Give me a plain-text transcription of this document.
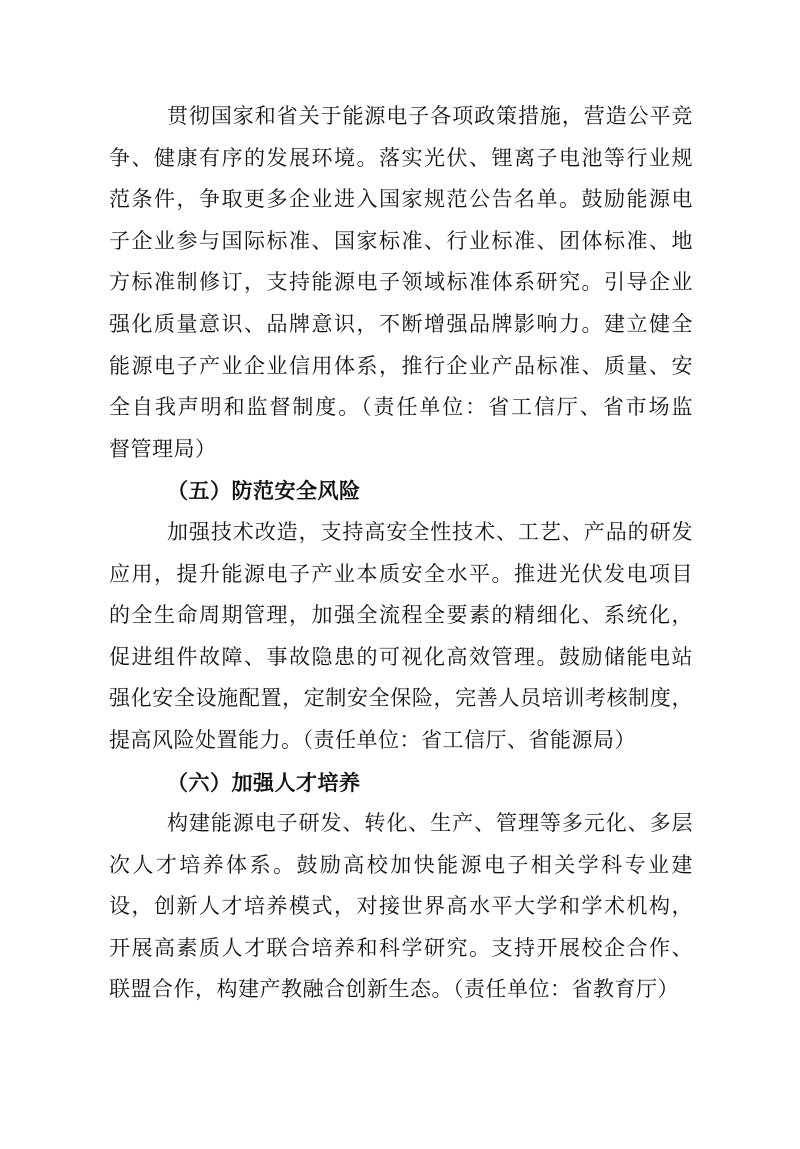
贯彻国家和省关于能源电子各项政策措施，营造公平竞
争、健康有序的发展环境。落实光伏、锂离子电池等行业规
范条件，争取更多企业进入国家规范公告名单。鼓励能源电
子企业参与国际标准、国家标准、行业标准、团体标准、地
方标准制修订，支持能源电子领域标准体系研究。引导企业
强化质量意识、品牌意识，不断增强品牌影响力。建立健全
能源电子产业企业信用体系，推行企业产品标准、质量、安
全自我声明和监督制度。（责任单位：省工信厅、省市场监
督管理局）
（五）防范安全风险
加强技术改造，支持高安全性技术、工艺、产品的研发
应用，提升能源电子产业本质安全水平。推进光伏发电项目
的全生命周期管理，加强全流程全要素的精细化、系统化，
促进组件故障、事故隐患的可视化高效管理。鼓励储能电站
强化安全设施配置，定制安全保险，完善人员培训考核制度，
提高风险处置能力。（责任单位：省工信厅、省能源局）
（六）加强人才培养
构建能源电子研发、转化、生产、管理等多元化、多层
次人才培养体系。鼓励高校加快能源电子相关学科专业建
设，创新人才培养模式，对接世界高水平大学和学术机构，
开展高素质人才联合培养和科学研究。支持开展校企合作、
联盟合作，构建产教融合创新生态。（责任单位：省教育厅）
